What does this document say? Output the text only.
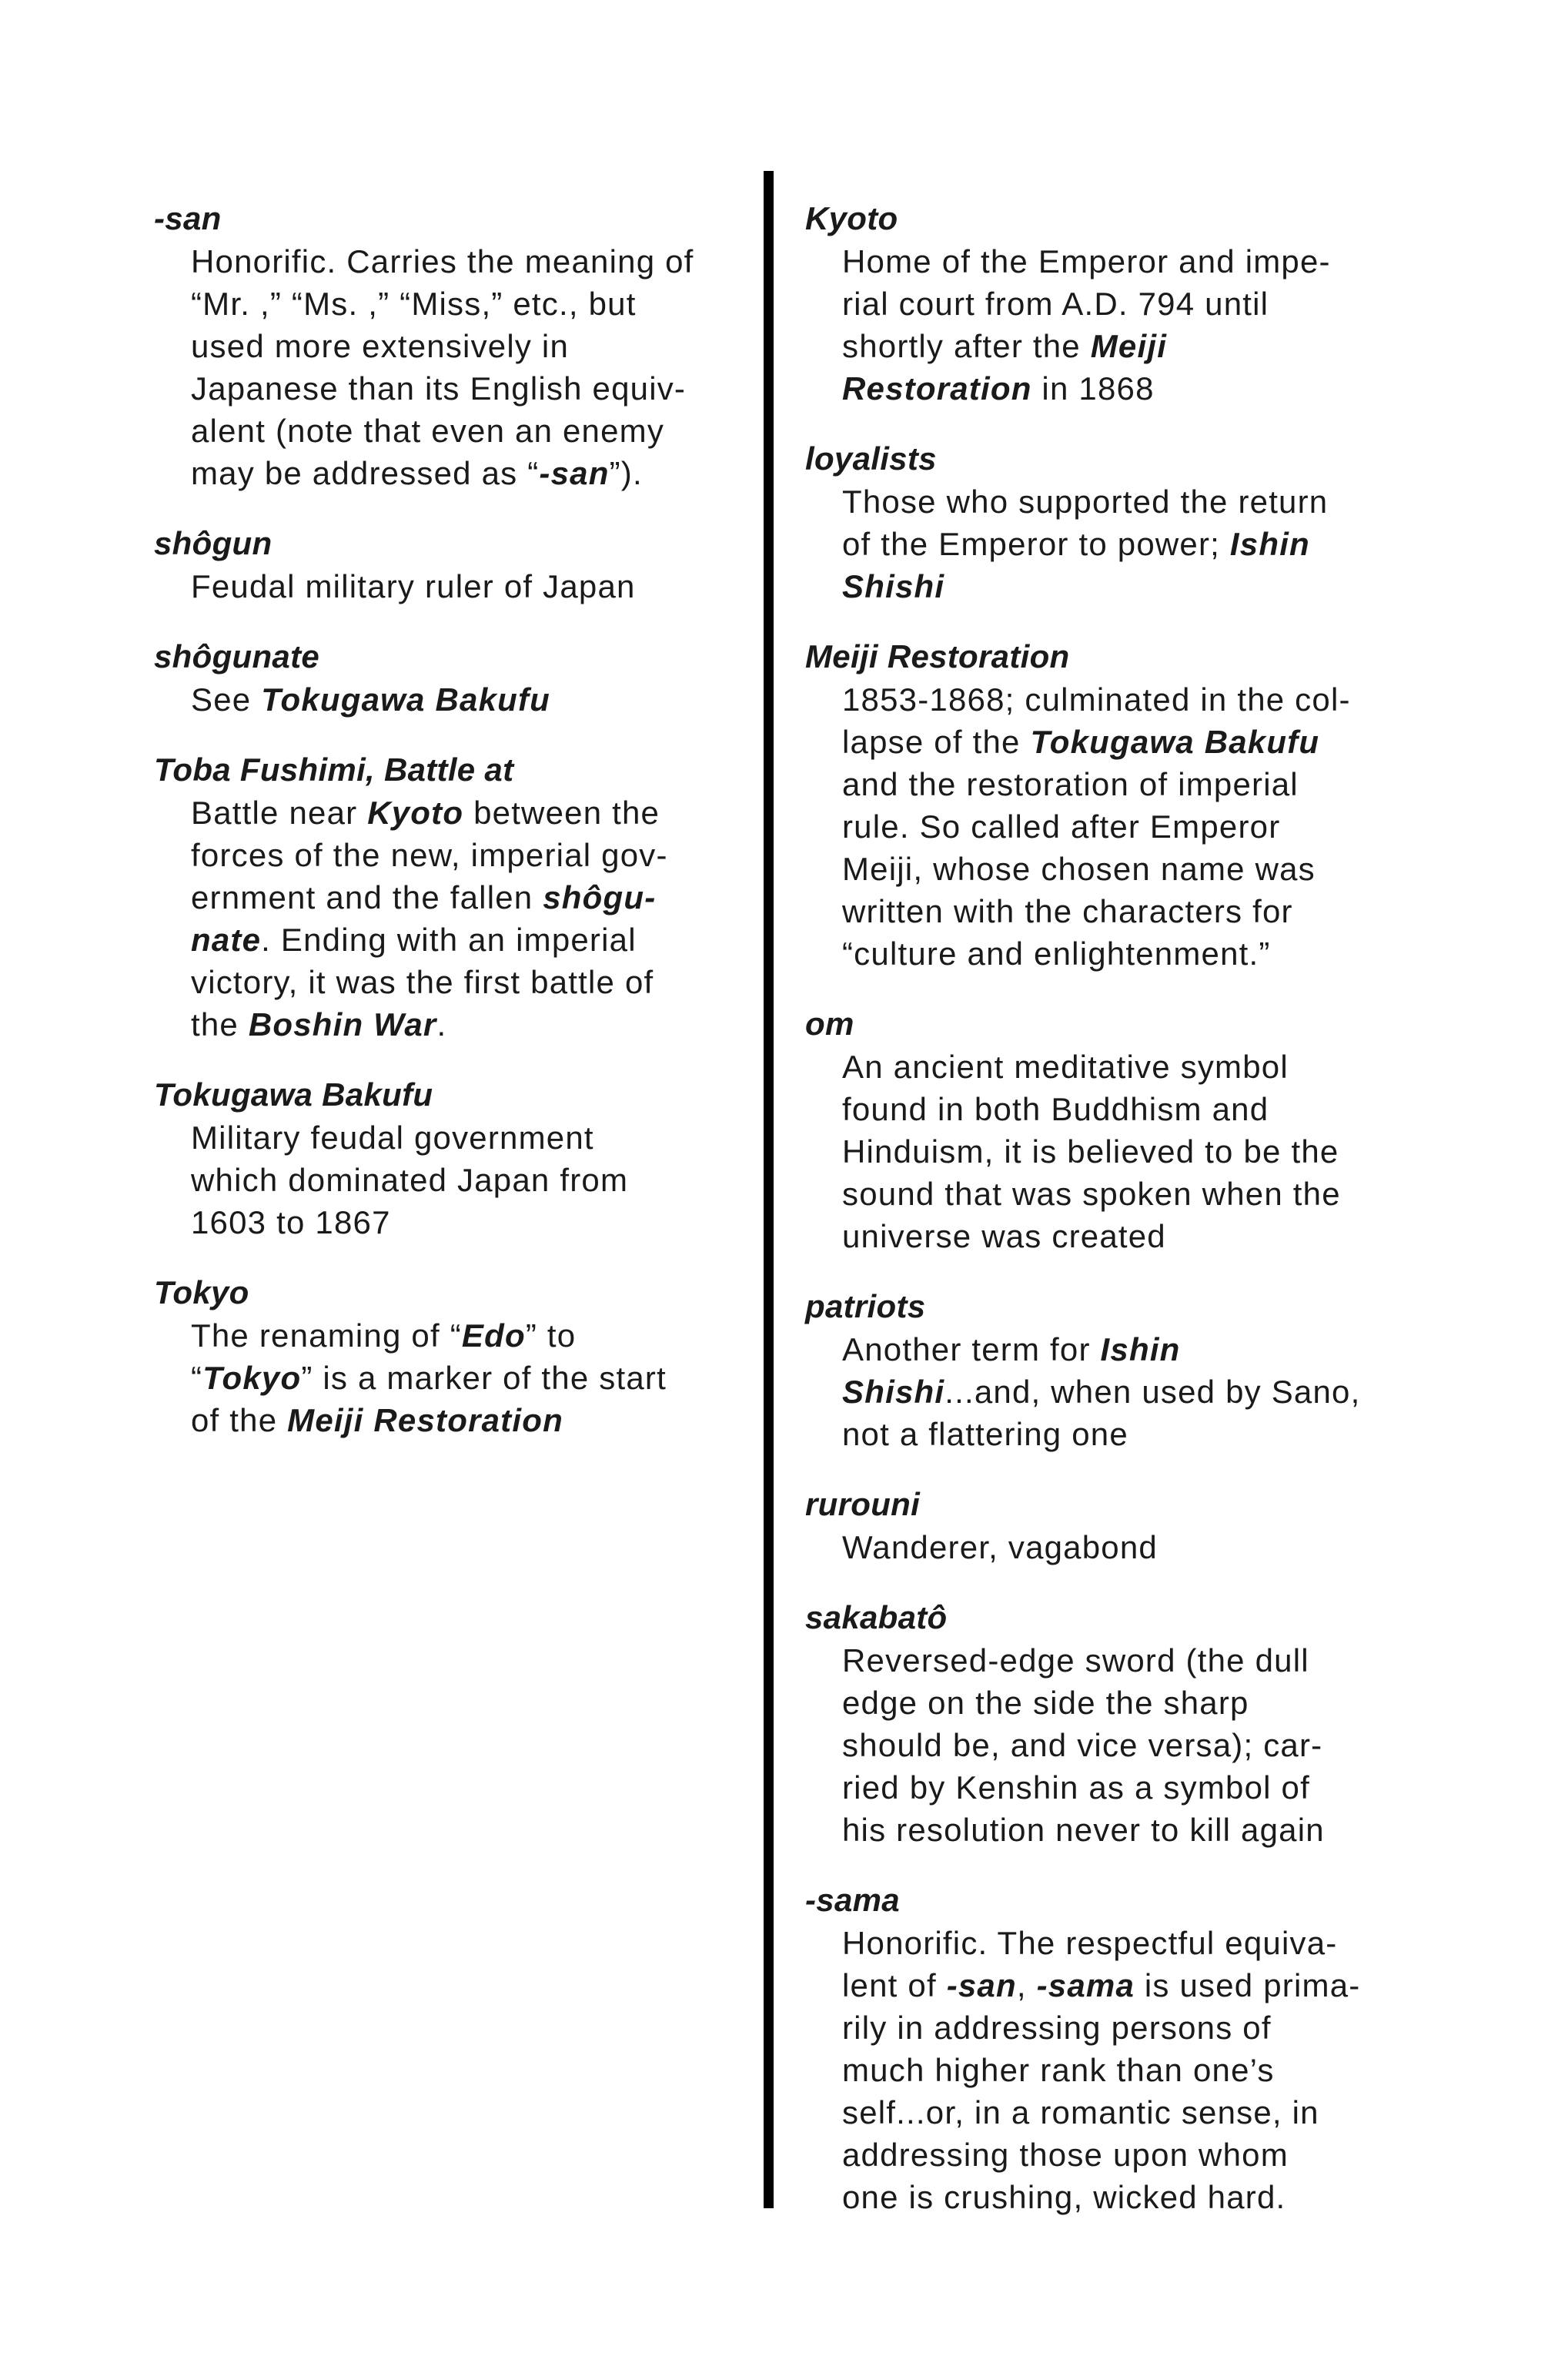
-san
Honorific. Carries the meaning of
“Mr. ,” “Ms. ,” “Miss,” etc., but
used more extensively in
Japanese than its English equiv-
alent (note that even an enemy
may be addressed as “-san”).
shôgun
Feudal military ruler of Japan
shôgunate
See Tokugawa Bakufu
Toba Fushimi, Battle at
Battle near Kyoto between the
forces of the new, imperial gov-
ernment and the fallen shôgu-
nate. Ending with an imperial
victory, it was the first battle of
the Boshin War.
Tokugawa Bakufu
Military feudal government
which dominated Japan from
1603 to 1867
Tokyo
The renaming of “Edo” to
“Tokyo” is a marker of the start
of the Meiji Restoration
Kyoto
Home of the Emperor and impe-
rial court from A.D. 794 until
shortly after the Meiji
Restoration in 1868
loyalists
Those who supported the return
of the Emperor to power; Ishin
Shishi
Meiji Restoration
1853-1868; culminated in the col-
lapse of the Tokugawa Bakufu
and the restoration of imperial
rule. So called after Emperor
Meiji, whose chosen name was
written with the characters for
“culture and enlightenment.”
om
An ancient meditative symbol
found in both Buddhism and
Hinduism, it is believed to be the
sound that was spoken when the
universe was created
patriots
Another term for Ishin
Shishi...and, when used by Sano,
not a flattering one
rurouni
Wanderer, vagabond
sakabatô
Reversed-edge sword (the dull
edge on the side the sharp
should be, and vice versa); car-
ried by Kenshin as a symbol of
his resolution never to kill again
-sama
Honorific. The respectful equiva-
lent of -san, -sama is used prima-
rily in addressing persons of
much higher rank than one’s
self...or, in a romantic sense, in
addressing those upon whom
one is crushing, wicked hard.
